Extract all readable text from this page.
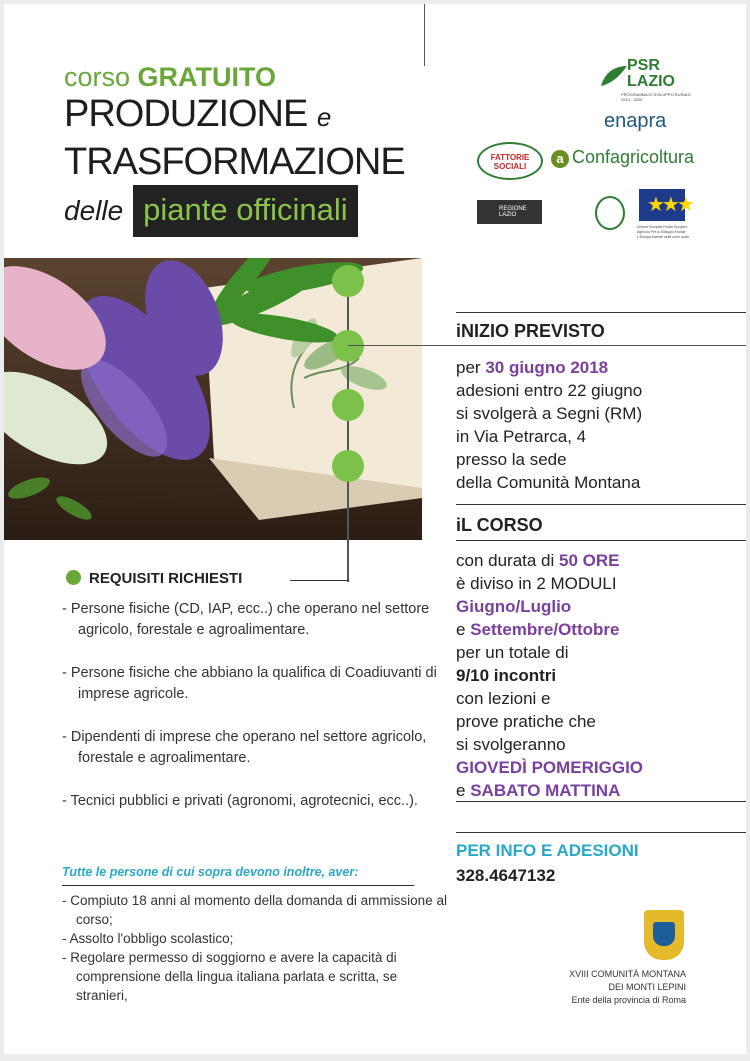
corso GRATUITO
PRODUZIONE e
TRASFORMAZIONE
delle piante officinali
PSR LAZIO
PROGRAMMA DI SVILUPPO RURALE 2014 - 2020
enapra
FATTORIE SOCIALI
a Confagricoltura
REGIONE LAZIO	★★★
Unione Europea Fondo Europeo Agricolo Per lo Sviluppo Rurale L'Europa investe nelle zone rurali
iNIZIO PREVISTO
per 30 giugno 2018
adesioni entro 22 giugno
si svolgerà a Segni (RM)
in Via Petrarca, 4
presso la sede
della Comunità Montana
iL CORSO
con durata di 50 ORE
è diviso in 2 MODULI
Giugno/Luglio
e Settembre/Ottobre
per un totale di
9/10 incontri
con lezioni e
prove pratiche che
si svolgeranno
GIOVEDÌ POMERIGGIO
e SABATO MATTINA
PER INFO E ADESIONI
328.4647132
REQUISITI RICHIESTI
- Persone fisiche (CD, IAP, ecc..) che operano nel settore agricolo, forestale e agroalimentare.
- Persone fisiche che abbiano la qualifica di Coadiuvanti di imprese agricole.
- Dipendenti di imprese che operano nel settore agricolo, forestale e agroalimentare.
- Tecnici pubblici e privati (agronomi, agrotecnici, ecc..).
Tutte le persone di cui sopra devono inoltre, aver:
- Compiuto 18 anni al momento della domanda di ammissione al corso;
- Assolto l'obbligo scolastico;
- Regolare permesso di soggiorno e avere la capacità di comprensione della lingua italiana parlata e scritta, se stranieri,
XVIII COMUNITÀ MONTANA
DEI MONTI LEPINI
Ente della provincia di Roma
